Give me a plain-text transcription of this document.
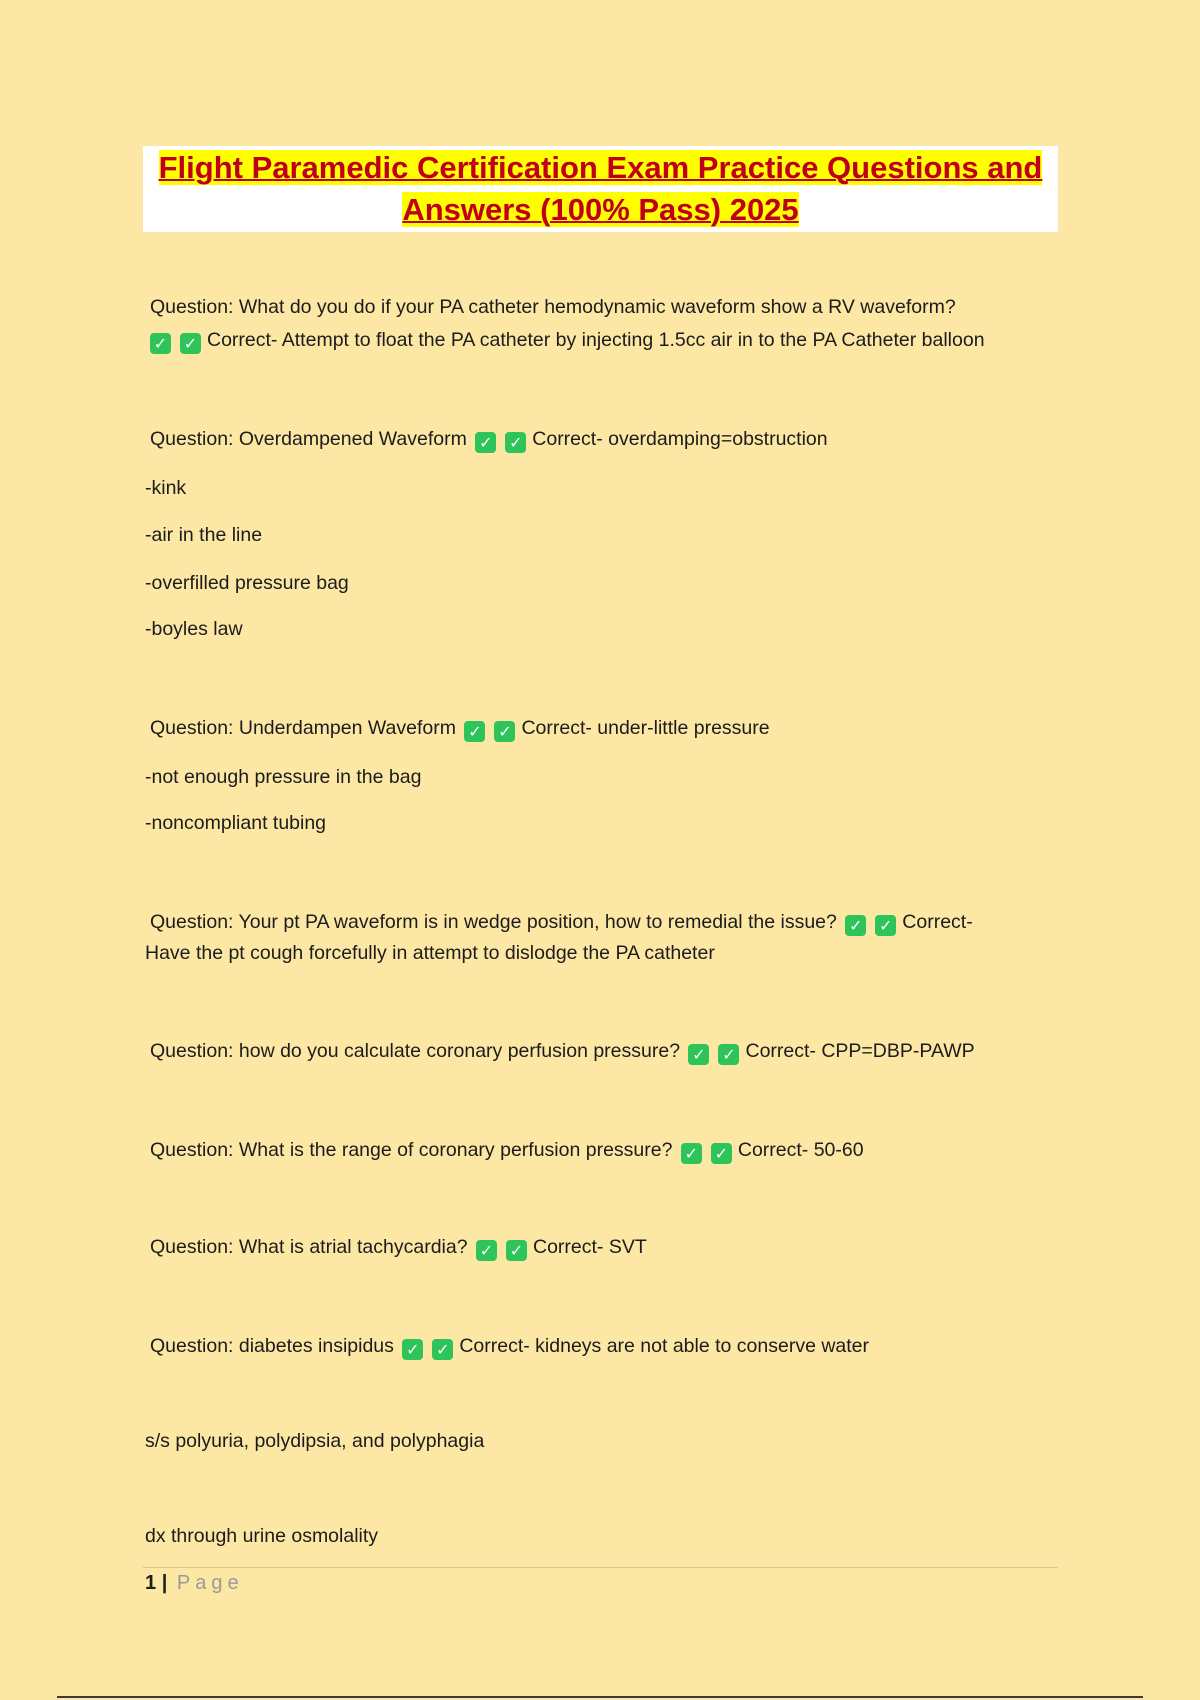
Flight Paramedic Certification Exam Practice Questions and
Answers (100% Pass) 2025
Question: What do you do if your PA catheter hemodynamic waveform show a RV waveform?
✓ ✓ Correct- Attempt to float the PA catheter by injecting 1.5cc air in to the PA Catheter balloon
Question: Overdampened Waveform ✓ ✓ Correct- overdamping=obstruction
-kink
-air in the line
-overfilled pressure bag
-boyles law
Question: Underdampen Waveform ✓ ✓ Correct- under-little pressure
-not enough pressure in the bag
-noncompliant tubing
Question: Your pt PA waveform is in wedge position, how to remedial the issue? ✓ ✓ Correct-
Have the pt cough forcefully in attempt to dislodge the PA catheter
Question: how do you calculate coronary perfusion pressure? ✓ ✓ Correct- CPP=DBP-PAWP
Question: What is the range of coronary perfusion pressure? ✓ ✓ Correct- 50-60
Question: What is atrial tachycardia? ✓ ✓ Correct- SVT
Question: diabetes insipidus ✓ ✓ Correct- kidneys are not able to conserve water
s/s polyuria, polydipsia, and polyphagia
dx through urine osmolality
1 | Page
